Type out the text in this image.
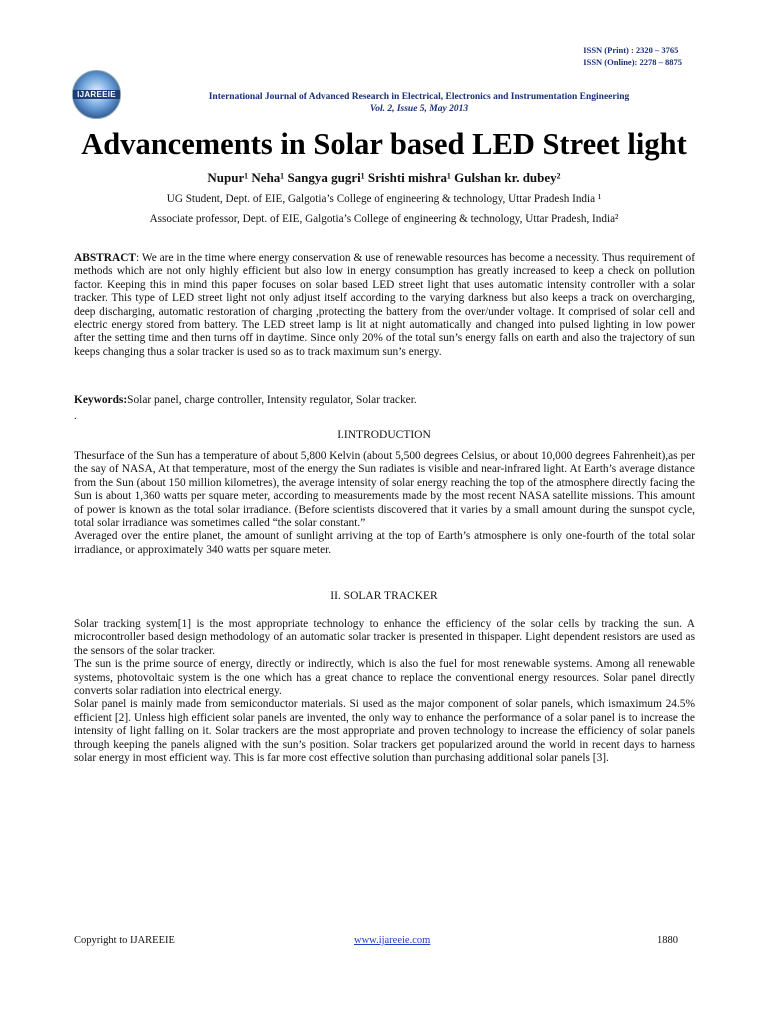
ISSN (Print) : 2320 – 3765
ISSN (Online): 2278 – 8875
IJAREEIE	International Journal of Advanced Research in Electrical, Electronics and Instrumentation Engineering
Vol. 2, Issue 5, May 2013
Advancements in Solar based LED Street light
Nupur¹ Neha¹ Sangya gugri¹ Srishti mishra¹ Gulshan kr. dubey²
UG Student, Dept. of EIE, Galgotia’s College of engineering & technology, Uttar Pradesh India ¹
Associate professor, Dept. of EIE, Galgotia’s College of engineering & technology, Uttar Pradesh, India²

ABSTRACT: We are in the time where energy conservation & use of renewable resources has become a necessity. Thus requirement of methods which are not only highly efficient but also low in energy consumption has greatly increased to keep a check on pollution factor. Keeping this in mind this paper focuses on solar based LED street light that uses automatic intensity controller with a solar tracker. This type of LED street light not only adjust itself according to the varying darkness but also keeps a track on overcharging, deep discharging, automatic restoration of charging ,protecting the battery from the over/under voltage. It comprised of solar cell and electric energy stored from battery. The LED street lamp is lit at night automatically and changed into pulsed lighting in low power after the setting time and then turns off in daytime. Since only 20% of the total sun’s energy falls on earth and also the trajectory of sun keeps changing thus a solar tracker is used so as to track maximum sun’s energy.

Keywords:Solar panel, charge controller, Intensity regulator, Solar tracker.

.
I.INTRODUCTION

Thesurface of the Sun has a temperature of about 5,800 Kelvin (about 5,500 degrees Celsius, or about 10,000 degrees Fahrenheit),as per the say of NASA, At that temperature, most of the energy the Sun radiates is visible and near-infrared light. At Earth’s average distance from the Sun (about 150 million kilometres), the average intensity of solar energy reaching the top of the atmosphere directly facing the Sun is about 1,360 watts per square meter, according to measurements made by the most recent NASA satellite missions. This amount of power is known as the total solar irradiance. (Before scientists discovered that it varies by a small amount during the sunspot cycle, total solar irradiance was sometimes called “the solar constant.”

Averaged over the entire planet, the amount of sunlight arriving at the top of Earth’s atmosphere is only one-fourth of the total solar irradiance, or approximately 340 watts per square meter.

II. SOLAR TRACKER

Solar tracking system[1] is the most appropriate technology to enhance the efficiency of the solar cells by tracking the sun. A microcontroller based design methodology of an automatic solar tracker is presented in thispaper. Light dependent resistors are used as the sensors of the solar tracker.

The sun is the prime source of energy, directly or indirectly, which is also the fuel for most renewable systems. Among all renewable systems, photovoltaic system is the one which has a great chance to replace the conventional energy resources. Solar panel directly converts solar radiation into electrical energy.

Solar panel is mainly made from semiconductor materials. Si used as the major component of solar panels, which ismaximum 24.5% efficient [2]. Unless high efficient solar panels are invented, the only way to enhance the performance of a solar panel is to increase the intensity of light falling on it. Solar trackers are the most appropriate and proven technology to increase the efficiency of solar panels through keeping the panels aligned with the sun’s position. Solar trackers get popularized around the world in recent days to harness solar energy in most efficient way. This is far more cost effective solution than purchasing additional solar panels [3].

Copyright to IJAREEIE	www.ijareeie.com	1880
